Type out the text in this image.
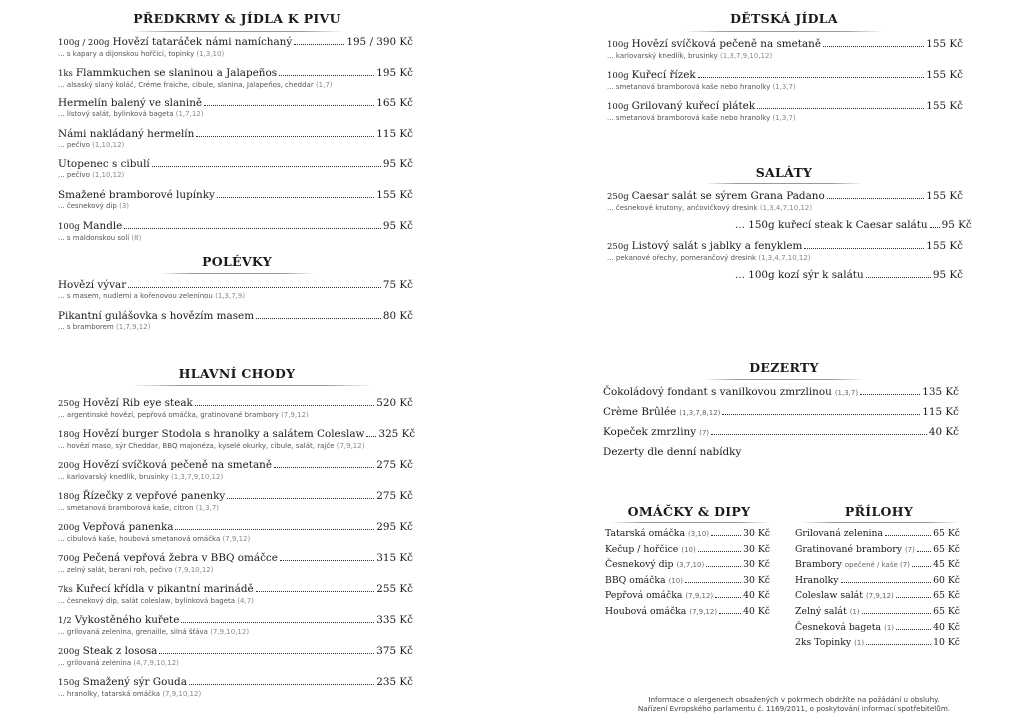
PŘEDKRMY & JÍDLA K PIVU
100g / 200g Hovězí tataráček námi namíchaný	195 / 390 Kč
... s kapary a dijonskou hořčicí, topinky (1,3,10)
1ks Flammkuchen se slaninou a Jalapeños	195 Kč
... alsaský slaný koláč, Créme fraiche, cibule, slanina, Jalapeños, cheddar (1,7)
Hermelín balený ve slanině	165 Kč
... listový salát, bylinková bageta (1,7,12)
Námi nakládaný hermelín	115 Kč
... pečivo (1,10,12)
Utopenec s cibulí	95 Kč
... pečivo (1,10,12)
Smažené bramborové lupínky	155 Kč
... česnekový dip (3)
100g Mandle	95 Kč
... s maldonskou solí (8)
POLÉVKY
Hovězí vývar	75 Kč
... s masem, nudlemi a kořenovou zeleninou (1,3,7,9)
Pikantní gulášovka s hovězím masem	80 Kč
... s bramborem (1,7,9,12)
HLAVNÍ CHODY
250g Hovězí Rib eye steak	520 Kč
... argentinské hovězí, pepřová omáčka, gratinované brambory (7,9,12)
180g Hovězí burger Stodola s hranolky a salátem Coleslaw 325 Kč
... hovězí maso, sýr Cheddar, BBQ majonéza, kyselé okurky, cibule, salát, rajče (7,9,12)
200g Hovězí svíčková pečeně na smetaně	275 Kč
... karlovarský knedlík, brusinky (1,3,7,9,10,12)
180g Řízečky z vepřové panenky	275 Kč
... smetanová bramborová kaše, citron (1,3,7)
200g Vepřová panenka	295 Kč
... cibulová kaše, houbová smetanová omáčka (7,9,12)
700g Pečená vepřová žebra v BBQ omáčce	315 Kč
... zelný salát, beraní roh, pečivo (7,9,10,12)
7ks Kuřecí křídla v pikantní marinádě	255 Kč
... česnekový dip, salát coleslaw, bylinková bageta (4,7)
1/2 Vykostěného kuřete	335 Kč
... grilovaná zelenina, grenaille, silná šťáva (7,9,10,12)
200g Steak z lososa	375 Kč
... grilovaná zelenina (4,7,9,10,12)
150g Smažený sýr Gouda	235 Kč
... hranolky, tatarská omáčka (7,9,10,12)
DĚTSKÁ JÍDLA
100g Hovězí svíčková pečeně na smetaně	155 Kč
... karlovarský knedlík, brusinky (1,3,7,9,10,12)
100g Kuřecí řízek	155 Kč
... smetanová bramborová kaše nebo hranolky (1,3,7)
100g Grilovaný kuřecí plátek	155 Kč
... smetanová bramborová kaše nebo hranolky (1,3,7)
SALÁTY
250g Caesar salát se sýrem Grana Padano	155 Kč
... česnekové krutony, ančovičkový dresink (1,3,4,7,10,12)
... 150g kuřecí steak k Caesar salátu 95 Kč
250g Listový salát s jablky a fenyklem	155 Kč
... pekanové ořechy, pomerančový dresink (1,3,4,7,10,12)
... 100g kozí sýr k salátu	95 Kč
DEZERTY
Čokoládový fondant s vanilkovou zmrzlinou (1,3,7)	135 Kč
Crème Brûlée (1,3,7,8,12)	115 Kč
Kopeček zmrzliny (7)	40 Kč
Dezerty dle denní nabídky
OMÁČKY & DIPY
Tatarská omáčka (3,10)	30 Kč
Kečup / hořčice (10)	30 Kč
Česnekový dip (3,7,10)	30 Kč
BBQ omáčka (10)	30 Kč
Pepřová omáčka (7,9,12)	40 Kč
Houbová omáčka (7,9,12)	40 Kč
PŘÍLOHY
Grilovaná zelenina	65 Kč
Gratinované brambory (7) 65 Kč
Brambory opečené / kaše (7) 45 Kč
Hranolky	60 Kč
Coleslaw salát (7,9,12)	65 Kč
Zelný salát (1)	65 Kč
Česneková bageta (1)	40 Kč
2ks Topinky (1)	10 Kč
Informace o alergenech obsažených v pokrmech obdržíte na požádání u obsluhy.
Nařízení Evropského parlamentu č. 1169/2011, o poskytování informací spotřebitelům.
